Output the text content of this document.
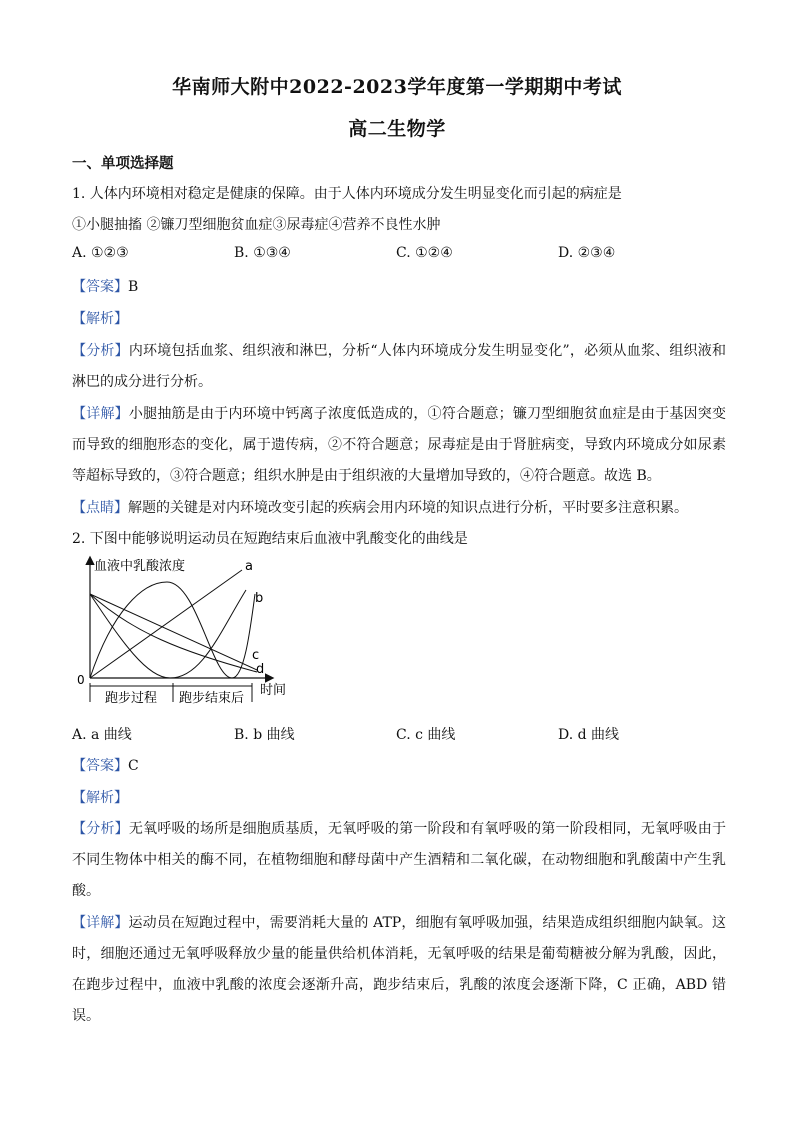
华南师大附中2022-2023学年度第一学期期中考试
高二生物学
一、单项选择题
1. 人体内环境相对稳定是健康的保障。由于人体内环境成分发生明显变化而引起的病症是
①小腿抽搐 ②镰刀型细胞贫血症③尿毒症④营养不良性水肿
A. ①②③	B. ①③④	C. ①②④	D. ②③④
【答案】B
【解析】
【分析】内环境包括血浆、组织液和淋巴，分析“人体内环境成分发生明显变化”，必须从血浆、组织液和
淋巴的成分进行分析。
【详解】小腿抽筋是由于内环境中钙离子浓度低造成的，①符合题意；镰刀型细胞贫血症是由于基因突变
而导致的细胞形态的变化，属于遗传病，②不符合题意；尿毒症是由于肾脏病变，导致内环境成分如尿素
等超标导致的，③符合题意；组织水肿是由于组织液的大量增加导致的，④符合题意。故选 B。
【点睛】解题的关键是对内环境改变引起的疾病会用内环境的知识点进行分析，平时要多注意积累。
2. 下图中能够说明运动员在短跑结束后血液中乳酸变化的曲线是
血液中乳酸浓度
0
时间
a
b
c
d
跑步过程 跑步结束后
A. a 曲线	B. b 曲线	C. c 曲线	D. d 曲线
【答案】C
【解析】
【分析】无氧呼吸的场所是细胞质基质，无氧呼吸的第一阶段和有氧呼吸的第一阶段相同，无氧呼吸由于
不同生物体中相关的酶不同，在植物细胞和酵母菌中产生酒精和二氧化碳，在动物细胞和乳酸菌中产生乳
酸。
【详解】运动员在短跑过程中，需要消耗大量的 ATP，细胞有氧呼吸加强，结果造成组织细胞内缺氧。这
时，细胞还通过无氧呼吸释放少量的能量供给机体消耗，无氧呼吸的结果是葡萄糖被分解为乳酸，因此，
在跑步过程中，血液中乳酸的浓度会逐渐升高，跑步结束后，乳酸的浓度会逐渐下降，C 正确，ABD 错
误。
